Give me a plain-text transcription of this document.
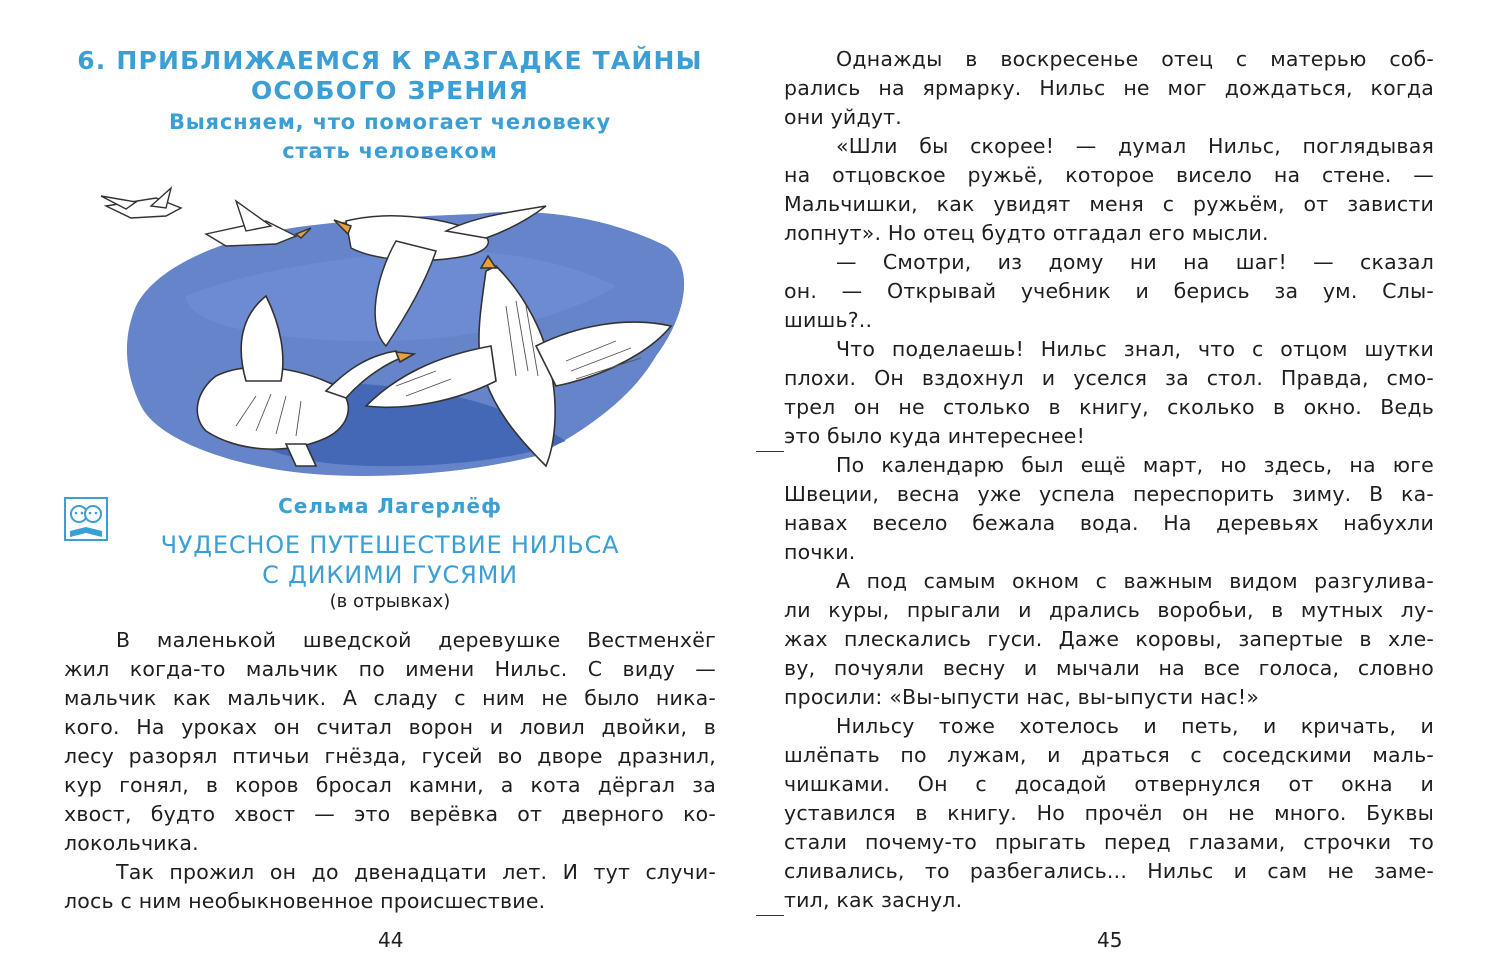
6. ПРИБЛИЖАЕМСЯ К РАЗГАДКЕ ТАЙНЫ
ОСОБОГО ЗРЕНИЯ
Выясняем, что помогает человеку
стать человеком
Сельма Лагерлёф
ЧУДЕСНОЕ ПУТЕШЕСТВИЕ НИЛЬСА
С ДИКИМИ ГУСЯМИ
(в отрывках)
В маленькой шведской деревушке Вестменхёг
жил когда-то мальчик по имени Нильс. С виду —
мальчик как мальчик. А сладу с ним не было ника-
кого. На уроках он считал ворон и ловил двойки, в
лесу разорял птичьи гнёзда, гусей во дворе дразнил,
кур гонял, в коров бросал камни, а кота дёргал за
хвост, будто хвост — это верёвка от дверного ко-
локольчика.
Так прожил он до двенадцати лет. И тут случи-
лось с ним необыкновенное происшествие.
44
Однажды в воскресенье отец с матерью соб-
рались на ярмарку. Нильс не мог дождаться, когда
они уйдут.
«Шли бы скорее! — думал Нильс, поглядывая
на отцовское ружьё, которое висело на стене. —
Мальчишки, как увидят меня с ружьём, от зависти
лопнут». Но отец будто отгадал его мысли.
— Смотри, из дому ни на шаг! — сказал
он. — Открывай учебник и берись за ум. Слы-
шишь?..
Что поделаешь! Нильс знал, что с отцом шутки
плохи. Он вздохнул и уселся за стол. Правда, смо-
трел он не столько в книгу, сколько в окно. Ведь
это было куда интереснее!
По календарю был ещё март, но здесь, на юге
Швеции, весна уже успела переспорить зиму. В ка-
навах весело бежала вода. На деревьях набухли
почки.
А под самым окном с важным видом разгулива-
ли куры, прыгали и дрались воробьи, в мутных лу-
жах плескались гуси. Даже коровы, запертые в хле-
ву, почуяли весну и мычали на все голоса, словно
просили: «Вы-ыпусти нас, вы-ыпусти нас!»
Нильсу тоже хотелось и петь, и кричать, и
шлёпать по лужам, и драться с соседскими маль-
чишками. Он с досадой отвернулся от окна и
уставился в книгу. Но прочёл он не много. Буквы
стали почему-то прыгать перед глазами, строчки то
сливались, то разбегались... Нильс и сам не заме-
тил, как заснул.
45
